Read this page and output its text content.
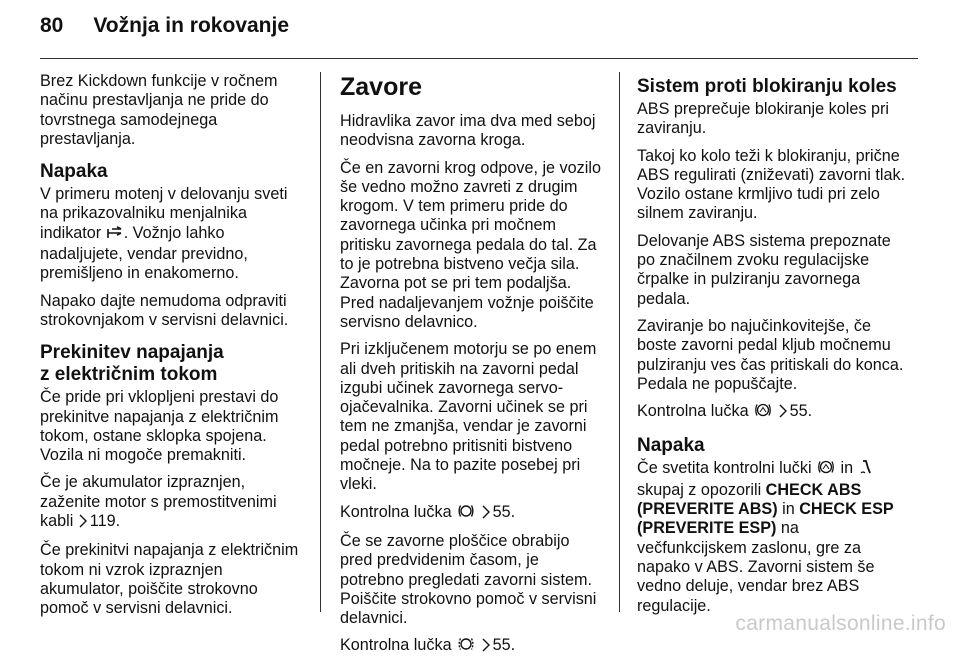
80 Vožnja in rokovanje

Brez Kickdown funkcije v ročnem načinu prestavljanja ne pride do tovrstnega samodejnega prestavljanja.

Napaka

V primeru motenj v delovanju sveti na prikazovalniku menjalnika indikator . Vožnjo lahko nadaljujete, vendar previdno, premišljeno in enakomerno.

Napako dajte nemudoma odpraviti strokovnjakom v servisni delavnici.

Prekinitev napajanja
z električnim tokom

Če pride pri vklopljeni prestavi do prekinitve napajanja z električnim tokom, ostane sklopka spojena. Vozila ni mogoče premakniti.

Če je akumulator izpraznjen, zaženite motor s premostitvenimi kabli 119.

Če prekinitvi napajanja z električnim tokom ni vzrok izpraznjen akumulator, poiščite strokovno pomoč v servisni delavnici.

Zavore

Hidravlika zavor ima dva med seboj neodvisna zavorna kroga.

Če en zavorni krog odpove, je vozilo še vedno možno zavreti z drugim krogom. V tem primeru pride do zavornega učinka pri močnem pritisku zavornega pedala do tal. Za to je potrebna bistveno večja sila. Zavorna pot se pri tem podaljša. Pred nadaljevanjem vožnje poiščite servisno delavnico.

Pri izključenem motorju se po enem ali dveh pritiskih na zavorni pedal izgubi učinek zavornega servo-ojačevalnika. Zavorni učinek se pri tem ne zmanjša, vendar je zavorni pedal potrebno pritisniti bistveno močneje. Na to pazite posebej pri vleki.

Kontrolna lučka	55.

Če se zavorne ploščice obrabijo pred predvidenim časom, je potrebno pregledati zavorni sistem. Poiščite strokovno pomoč v servisni delavnici.

Kontrolna lučka	55.

Sistem proti blokiranju koles

ABS preprečuje blokiranje koles pri zaviranju.

Takoj ko kolo teži k blokiranju, prične ABS regulirati (zniževati) zavorni tlak. Vozilo ostane krmljivo tudi pri zelo silnem zaviranju.

Delovanje ABS sistema prepoznate po značilnem zvoku regulacijske črpalke in pulziranju zavornega pedala.

Zaviranje bo najučinkovitejše, če boste zavorni pedal kljub močnemu pulziranju ves čas pritiskali do konca. Pedala ne popuščajte.

Kontrolna lučka	55.

Napaka

Če svetita kontrolni lučki in  skupaj z opozorili CHECK ABS (PREVERITE ABS) in CHECK ESP (PREVERITE ESP) na večfunkcijskem zaslonu, gre za napako v ABS. Zavorni sistem še vedno deluje, vendar brez ABS regulacije.

carmanualsonline.info
